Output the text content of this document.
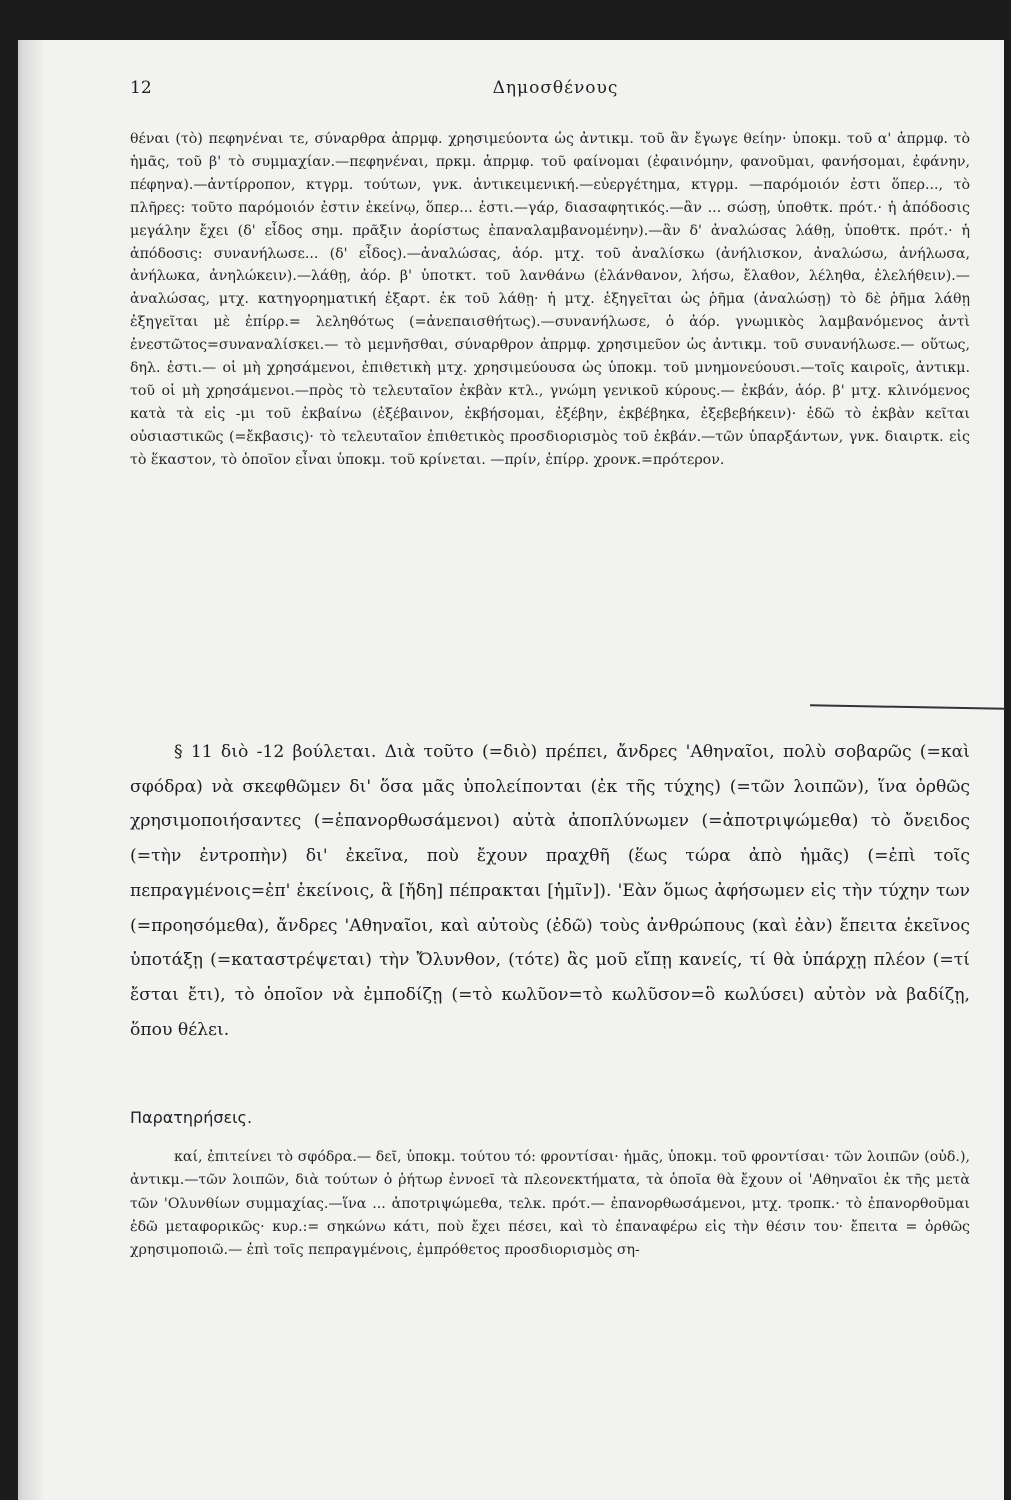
12	Δημοσθένους

θέναι (τὸ) πεφηνέναι τε, σύναρθρα ἀπρμφ. χρησιμεύοντα ὡς ἀντικμ. τοῦ ἂν ἔγωγε θείην· ὑποκμ. τοῦ α' ἀπρμφ. τὸ ἡμᾶς, τοῦ β' τὸ συμμαχίαν.—πεφηνέναι, πρκμ. ἀπρμφ. τοῦ φαίνομαι (ἐφαινόμην, φανοῦμαι, φανήσομαι, ἐφάνην, πέφηνα).—ἀντίρροπον, κτγρμ. τούτων, γνκ. ἀντικειμενική.—εὐεργέτημα, κτγρμ. —παρόμοιόν ἐστι ὅπερ..., τὸ πλῆρες: τοῦτο παρόμοιόν ἐστιν ἐκείνῳ, ὅπερ... ἐστι.—γάρ, διασαφητικός.—ἂν ... σώσῃ, ὑποθτκ. πρότ.· ἡ ἀπόδοσις μεγάλην ἔχει (δ' εἶδος σημ. πρᾶξιν ἀορίστως ἐπαναλαμβανομένην).—ἂν δ' ἀναλώσας λάθῃ, ὑποθτκ. πρότ.· ἡ ἀπόδοσις: συνανήλωσε... (δ' εἶδος).—ἀναλώσας, ἀόρ. μτχ. τοῦ ἀναλίσκω (ἀνήλισκον, ἀναλώσω, ἀνήλωσα, ἀνήλωκα, ἀνηλώκειν).—λάθῃ, ἀόρ. β' ὑποτκτ. τοῦ λανθάνω (ἐλάνθανον, λήσω, ἔλαθον, λέληθα, ἐλελήθειν).—ἀναλώσας, μτχ. κατηγορηματική ἐξαρτ. ἐκ τοῦ λάθῃ· ἡ μτχ. ἐξηγεῖται ὡς ῥῆμα (ἀναλώσῃ) τὸ δὲ ῥῆμα λάθῃ ἐξηγεῖται μὲ ἐπίρρ.= λεληθότως (=ἀνεπαισθήτως).—συνανήλωσε, ὁ ἀόρ. γνωμικὸς λαμβανόμενος ἀντὶ ἐνεστῶτος=συναναλίσκει.— τὸ μεμνῆσθαι, σύναρθρον ἀπρμφ. χρησιμεῦον ὡς ἀντικμ. τοῦ συνανήλωσε.— οὕτως, δηλ. ἐστι.— οἱ μὴ χρησάμενοι, ἐπιθετικὴ μτχ. χρησιμεύουσα ὡς ὑποκμ. τοῦ μνημονεύουσι.—τοῖς καιροῖς, ἀντικμ. τοῦ οἱ μὴ χρησάμενοι.—πρὸς τὸ τελευταῖον ἐκβὰν κτλ., γνώμη γενικοῦ κύρους.— ἐκβάν, ἀόρ. β' μτχ. κλινόμενος κατὰ τὰ εἰς -μι τοῦ ἐκβαίνω (ἐξέβαινον, ἐκβήσομαι, ἐξέβην, ἐκβέβηκα, ἐξεβεβήκειν)· ἐδῶ τὸ ἐκβὰν κεῖται οὐσιαστικῶς (=ἔκβασις)· τὸ τελευταῖον ἐπιθετικὸς προσδιορισμὸς τοῦ ἐκβάν.—τῶν ὑπαρξάντων, γνκ. διαιρτκ. εἰς τὸ ἕκαστον, τὸ ὁποῖον εἶναι ὑποκμ. τοῦ κρίνεται. —πρίν, ἐπίρρ. χρονκ.=πρότερον.

§ 11 διὸ -12 βούλεται. Διὰ τοῦτο (=διὸ) πρέπει, ἄνδρες 'Αθηναῖοι, πολὺ σοβαρῶς (=καὶ σφόδρα) νὰ σκεφθῶμεν δι' ὅσα μᾶς ὑπολείπονται (ἐκ τῆς τύχης) (=τῶν λοιπῶν), ἵνα ὀρθῶς χρησιμοποιήσαντες (=ἐπανορθωσάμενοι) αὐτὰ ἀποπλύνωμεν (=ἀποτριψώμεθα) τὸ ὄνειδος (=τὴν ἐντροπὴν) δι' ἐκεῖνα, ποὺ ἔχουν πραχθῆ (ἕως τώρα ἀπὸ ἡμᾶς) (=ἐπὶ τοῖς πεπραγμένοις=ἐπ' ἐκείνοις, ἃ [ἤδη] πέπρακται [ἡμῖν]). 'Εὰν ὅμως ἀφήσωμεν εἰς τὴν τύχην των (=προησόμεθα), ἄνδρες 'Αθηναῖοι, καὶ αὐτοὺς (ἐδῶ) τοὺς ἀνθρώπους (καὶ ἐὰν) ἔπειτα ἐκεῖνος ὑποτάξῃ (=καταστρέψεται) τὴν Ὄλυνθον, (τότε) ἂς μοῦ εἴπῃ κανείς, τί θὰ ὑπάρχῃ πλέον (=τί ἔσται ἔτι), τὸ ὁποῖον νὰ ἐμποδίζῃ (=τὸ κωλῦον=τὸ κωλῦσον=ὃ κωλύσει) αὐτὸν νὰ βαδίζῃ, ὅπου θέλει.

Παρατηρήσεις.

καί, ἐπιτείνει τὸ σφόδρα.— δεῖ, ὑποκμ. τούτου τό: φροντίσαι· ἡμᾶς, ὑποκμ. τοῦ φροντίσαι· τῶν λοιπῶν (οὐδ.), ἀντικμ.—τῶν λοιπῶν, διὰ τούτων ὁ ῥήτωρ ἐννοεῖ τὰ πλεονεκτήματα, τὰ ὁποῖα θὰ ἔχουν οἱ 'Αθηναῖοι ἐκ τῆς μετὰ τῶν 'Ολυνθίων συμμαχίας.—ἵνα ... ἀποτριψώμεθα, τελκ. πρότ.— ἐπανορθωσάμενοι, μτχ. τροπκ.· τὸ ἐπανορθοῦμαι ἐδῶ μεταφορικῶς· κυρ.:= σηκώνω κάτι, ποὺ ἔχει πέσει, καὶ τὸ ἐπαναφέρω εἰς τὴν θέσιν του· ἔπειτα = ὀρθῶς χρησιμοποιῶ.— ἐπὶ τοῖς πεπραγμένοις, ἐμπρόθετος προσδιορισμὸς ση-
